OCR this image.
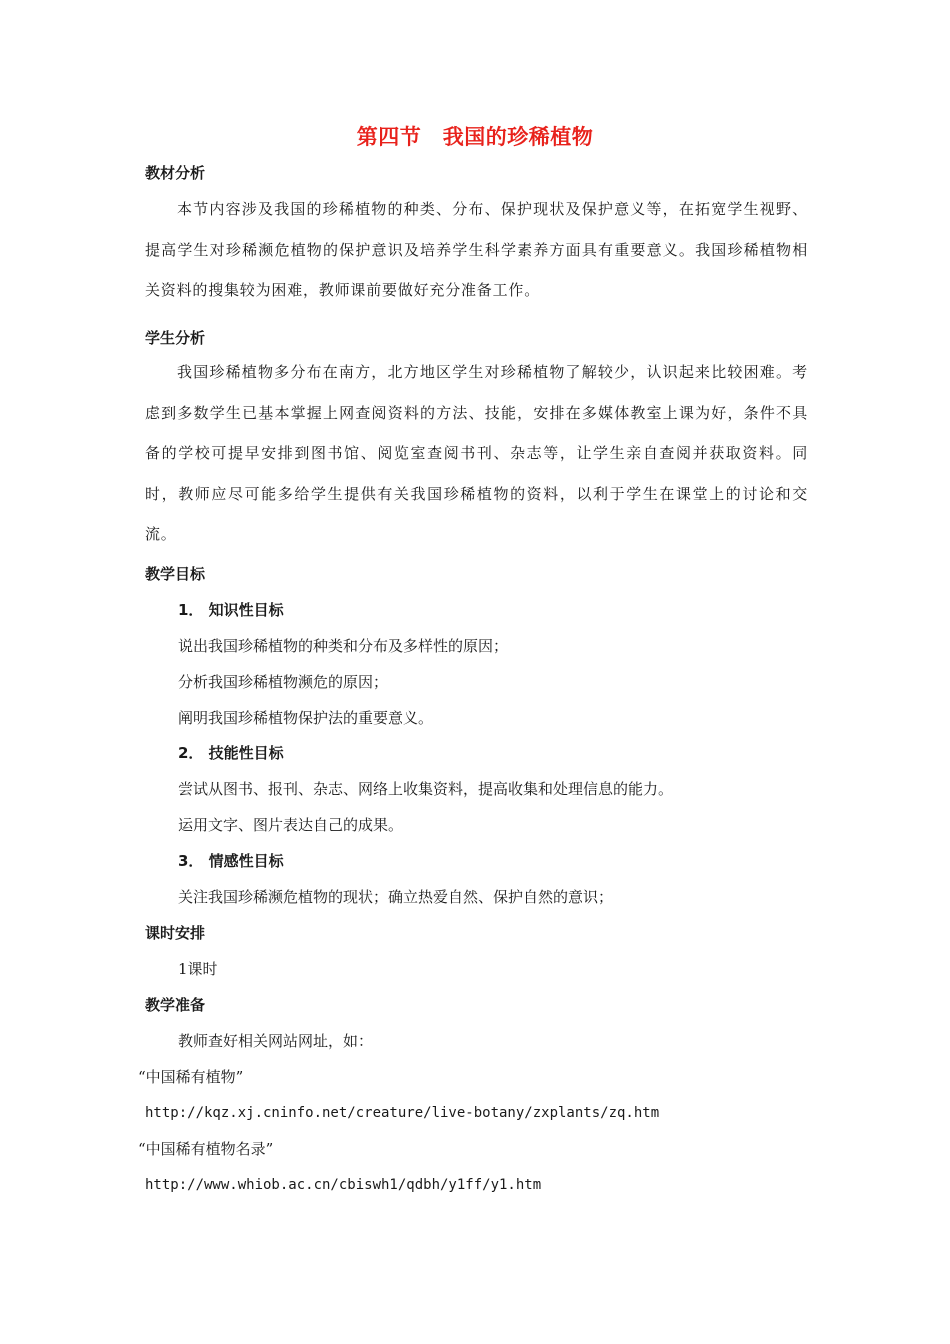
第四节　我国的珍稀植物
教材分析
本节内容涉及我国的珍稀植物的种类、分布、保护现状及保护意义等，在拓宽学生视野、提高学生对珍稀濒危植物的保护意识及培养学生科学素养方面具有重要意义。我国珍稀植物相关资料的搜集较为困难，教师课前要做好充分准备工作。
学生分析
我国珍稀植物多分布在南方，北方地区学生对珍稀植物了解较少，认识起来比较困难。考虑到多数学生已基本掌握上网查阅资料的方法、技能，安排在多媒体教室上课为好，条件不具备的学校可提早安排到图书馆、阅览室查阅书刊、杂志等，让学生亲自查阅并获取资料。同时，教师应尽可能多给学生提供有关我国珍稀植物的资料，以利于学生在课堂上的讨论和交流。
教学目标
1． 知识性目标
说出我国珍稀植物的种类和分布及多样性的原因；
分析我国珍稀植物濒危的原因；
阐明我国珍稀植物保护法的重要意义。
2． 技能性目标
尝试从图书、报刊、杂志、网络上收集资料，提高收集和处理信息的能力。
运用文字、图片表达自己的成果。
3． 情感性目标
关注我国珍稀濒危植物的现状；确立热爱自然、保护自然的意识；
课时安排
1课时
教学准备
教师查好相关网站网址，如：
“中国稀有植物”
http://kqz.xj.cninfo.net/creature/live-botany/zxplants/zq.htm
“中国稀有植物名录”
http://www.whiob.ac.cn/cbiswh1/qdbh/y1ff/y1.htm
